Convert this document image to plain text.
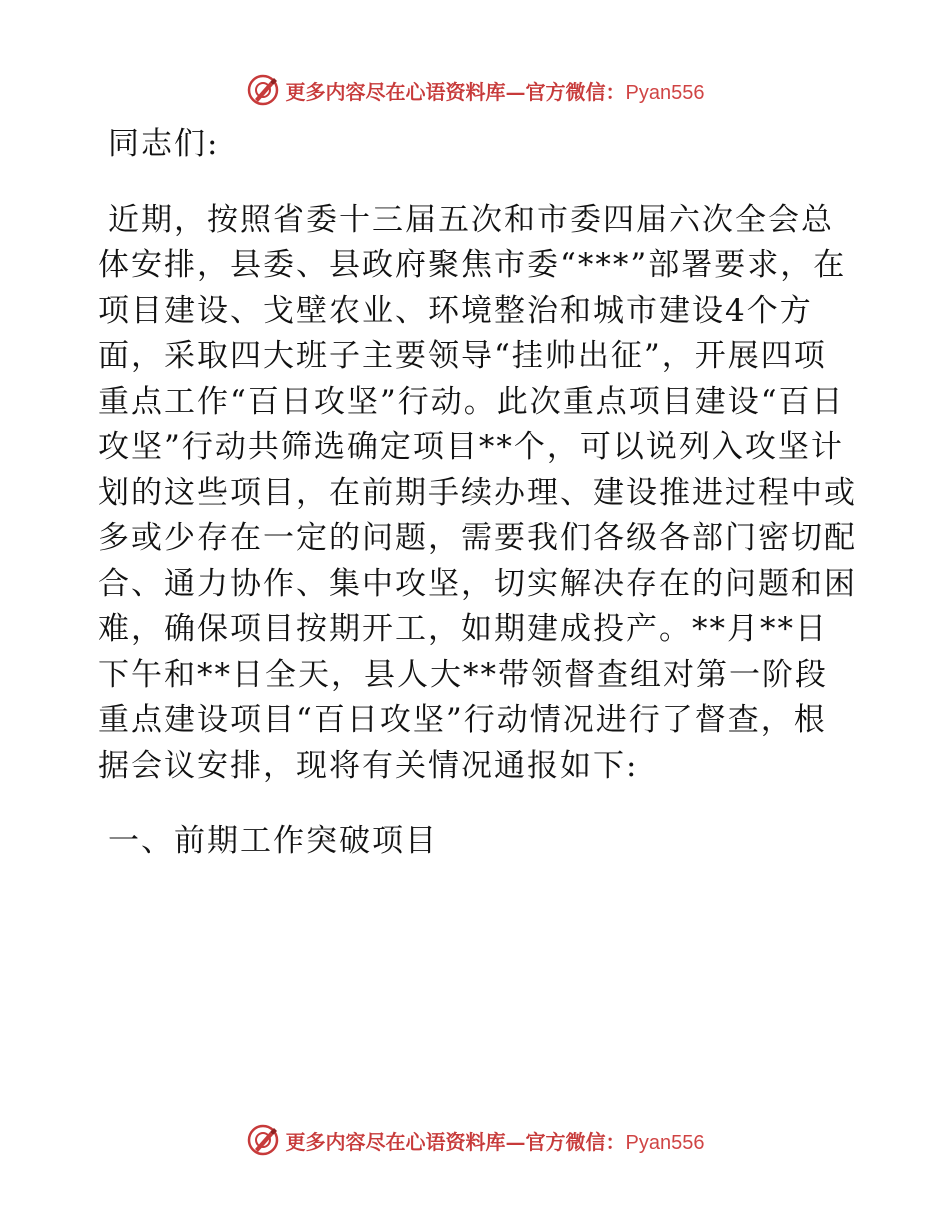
更多内容尽在心语资料库—官方微信：Pyan556

同志们:

近期，按照省委十三届五次和市委四届六次全会总体安排，县委、县政府聚焦市委“***”部署要求，在项目建设、戈壁农业、环境整治和城市建设4个方面，采取四大班子主要领导“挂帅出征”，开展四项重点工作“百日攻坚”行动。此次重点项目建设“百日攻坚”行动共筛选确定项目**个，可以说列入攻坚计划的这些项目，在前期手续办理、建设推进过程中或多或少存在一定的问题，需要我们各级各部门密切配合、通力协作、集中攻坚，切实解决存在的问题和困难，确保项目按期开工，如期建成投产。**月**日下午和**日全天，县人大**带领督查组对第一阶段重点建设项目“百日攻坚”行动情况进行了督查，根据会议安排，现将有关情况通报如下:

一、前期工作突破项目

更多内容尽在心语资料库—官方微信：Pyan556
